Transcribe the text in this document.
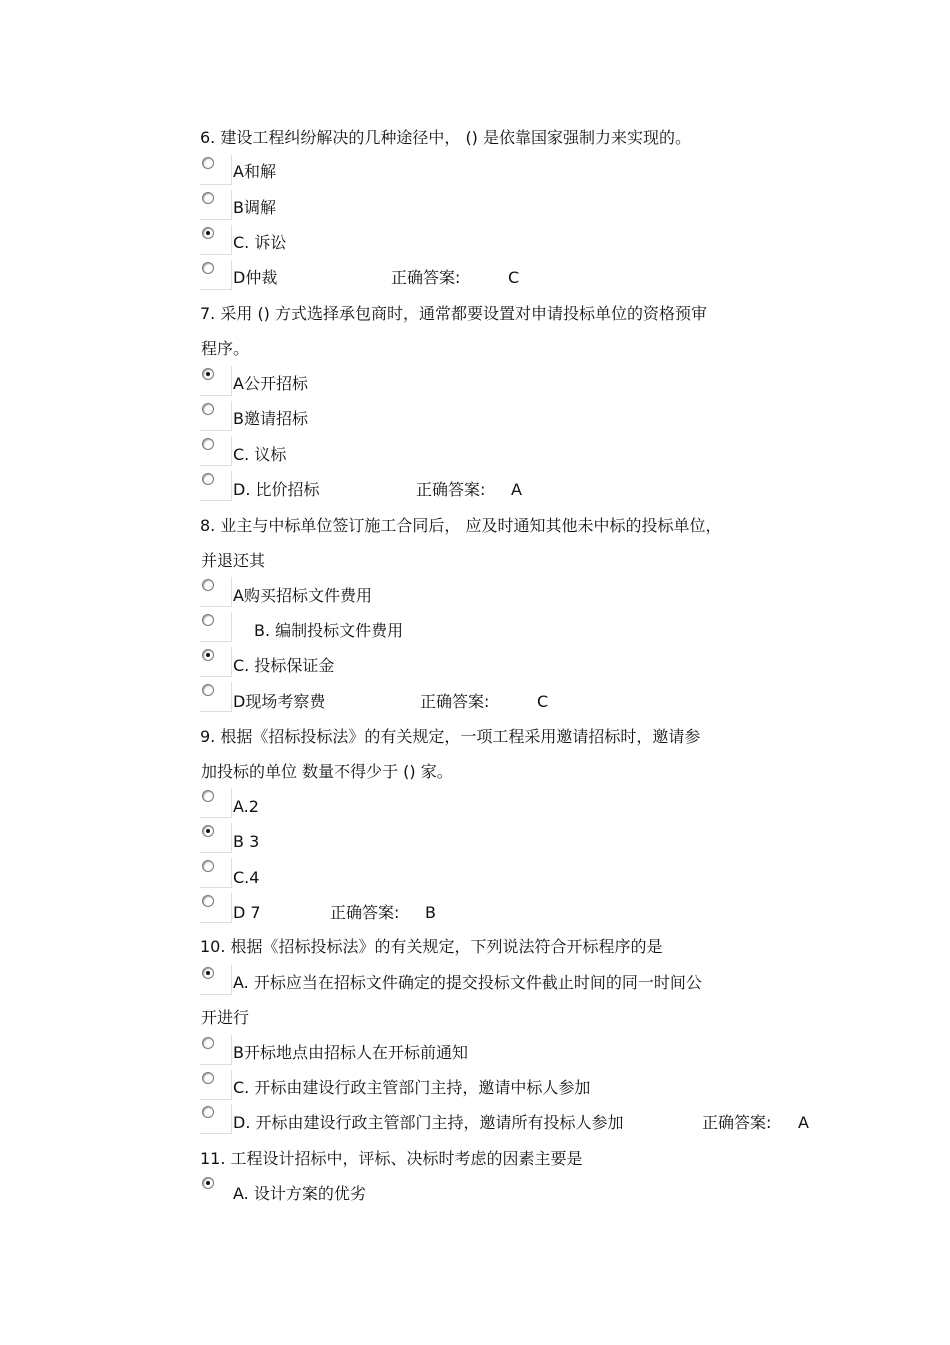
6. 建设工程纠纷解决的几种途径中， () 是依靠国家强制力来实现的。
A和解
B调解
C. 诉讼
D仲裁	正确答案:	C
7. 采用 () 方式选择承包商时，通常都要设置对申请投标单位的资格预审
程序。
A公开招标
B邀请招标
C. 议标
D. 比价招标	正确答案: A
8. 业主与中标单位签订施工合同后， 应及时通知其他未中标的投标单位，
并退还其
A购买招标文件费用
B. 编制投标文件费用
C. 投标保证金
D现场考察费	正确答案:	C
9. 根据《招标投标法》的有关规定，一项工程采用邀请招标时，邀请参
加投标的单位 数量不得少于 () 家。
A.2
B 3
C.4
D 7	正确答案: B
10. 根据《招标投标法》的有关规定，下列说法符合开标程序的是
A. 开标应当在招标文件确定的提交投标文件截止时间的同一时间公
开进行
B开标地点由招标人在开标前通知
C. 开标由建设行政主管部门主持，邀请中标人参加
D. 开标由建设行政主管部门主持，邀请所有投标人参加	正确答案: A
11. 工程设计招标中，评标、决标时考虑的因素主要是
A. 设计方案的优劣
